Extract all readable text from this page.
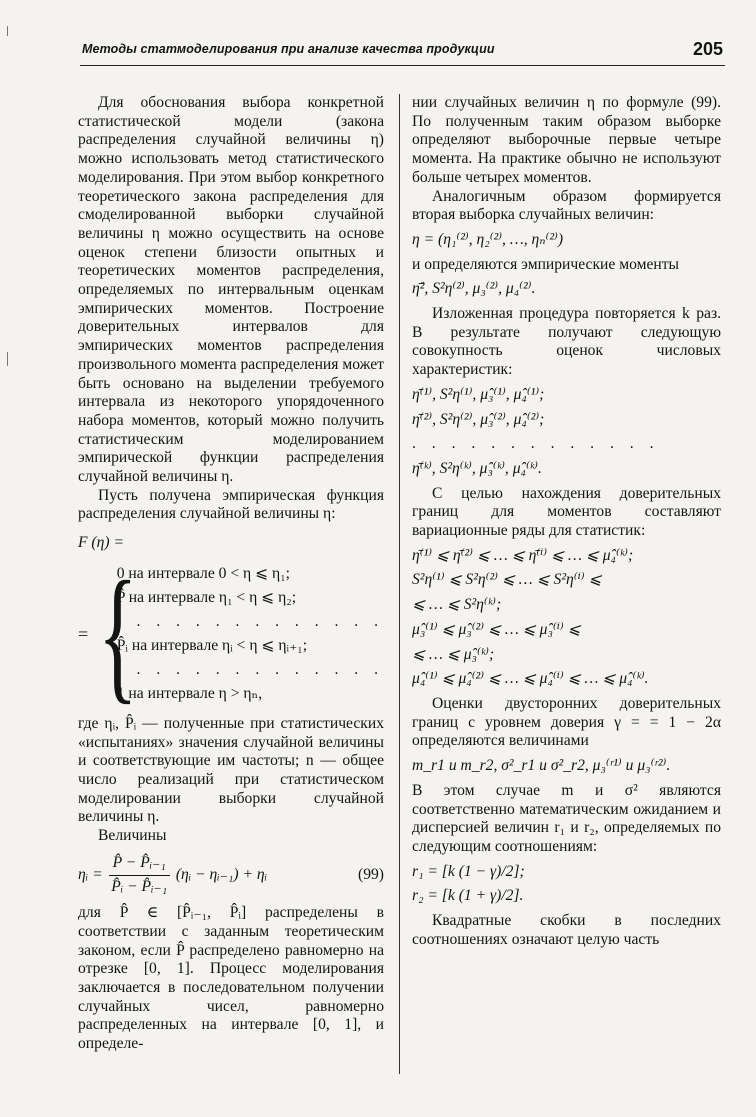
Методы статмоделирования при анализе качества продукции	205

Для обоснования выбора конкретной статистической модели (закона распределения случайной величины η) можно использовать метод статистического моделирования. При этом выбор конкретного теоретического закона распределения для смоделированной выборки случайной величины η можно осуществить на основе оценок степени близости опытных и теоретических моментов распределения, определяемых по интервальным оценкам эмпирических моментов. Построение доверительных интервалов для эмпирических моментов распределения произвольного момента распределения может быть основано на выделении требуемого интервала из некоторого упорядоченного набора моментов, который можно получить статистическим моделированием эмпирической функции распределения случайной величины η.

Пусть получена эмпирическая функция распределения случайной величины η:

F (η) =
= {
0 на интервале 0 < η ⩽ η₁;
P̂ на интервале η₁ < η ⩽ η₂;
. . . . . . . . . . . . . .
P̂ᵢ на интервале ηᵢ < η ⩽ ηᵢ₊₁;
. . . . . . . . . . . . . .
1 на интервале η > ηₙ,

где ηᵢ, P̂ᵢ — полученные при статистических «испытаниях» значения случайной величины и соответствующие им частоты; n — общее число реализаций при статистическом моделировании выборки случайной величины η.

Величины

ηᵢ = $\frac{\text{P̂ − P̂ᵢ₋₁}}{\text{P̂ᵢ − P̂ᵢ₋₁}}$ (ηᵢ − ηᵢ₋₁) + ηᵢ	(99)

для P̂ ∈ [P̂ᵢ₋₁, P̂ᵢ] распределены в соответствии с заданным теоретическим законом, если P̂ распределено равномерно на отрезке [0, 1]. Процесс моделирования заключается в последовательном получении случайных чисел, равномерно распределенных на интервале [0, 1], и определе-

нии случайных величин η по формуле (99). По полученным таким образом выборке определяют выборочные первые четыре момента. На практике обычно не используют больше четырех моментов.

Аналогичным образом формируется вторая выборка случайных величин:

η = (η₁⁽²⁾, η₂⁽²⁾, …, ηₙ⁽²⁾)

и определяются эмпирические моменты

η̄², S²η⁽²⁾, μ₃⁽²⁾, μ₄⁽²⁾.

Изложенная процедура повторяется k раз. В результате получают следующую совокупность оценок числовых характеристик:

η̄⁽¹⁾, S²η⁽¹⁾, μ̂₃⁽¹⁾, μ̂₄⁽¹⁾;
η̄⁽²⁾, S²η⁽²⁾, μ̂₃⁽²⁾, μ̂₄⁽²⁾;
. . . . . . . . . . . . .
η̄⁽ᵏ⁾, S²η⁽ᵏ⁾, μ̂₃⁽ᵏ⁾, μ̂₄⁽ᵏ⁾.

С целью нахождения доверительных границ для моментов составляют вариационные ряды для статистик:

η̄⁽¹⁾ ⩽ η̄⁽²⁾ ⩽ … ⩽ η̄⁽ⁱ⁾ ⩽ … ⩽ μ̂₄⁽ᵏ⁾;
S²η⁽¹⁾ ⩽ S²η⁽²⁾ ⩽ … ⩽ S²η⁽ⁱ⁾ ⩽
⩽ … ⩽ S²η⁽ᵏ⁾;
μ̂₃⁽¹⁾ ⩽ μ̂₃⁽²⁾ ⩽ … ⩽ μ̂₃⁽ⁱ⁾ ⩽
⩽ … ⩽ μ̂₃⁽ᵏ⁾;
μ̂₄⁽¹⁾ ⩽ μ̂₄⁽²⁾ ⩽ … ⩽ μ̂₄⁽ⁱ⁾ ⩽ … ⩽ μ̂₄⁽ᵏ⁾.

Оценки двусторонних доверительных границ с уровнем доверия γ = = 1 − 2α определяются величинами

m_r1 и m_r2, σ²_r1 и σ²_r2, μ₃⁽ʳ¹⁾ и μ₃⁽ʳ²⁾.

В этом случае m и σ² являются соответственно математическим ожиданием и дисперсией величин r₁ и r₂, определяемых по следующим соотношениям:

r₁ = [k (1 − γ)/2];
r₂ = [k (1 + γ)/2].

Квадратные скобки в последних соотношениях означают целую часть
